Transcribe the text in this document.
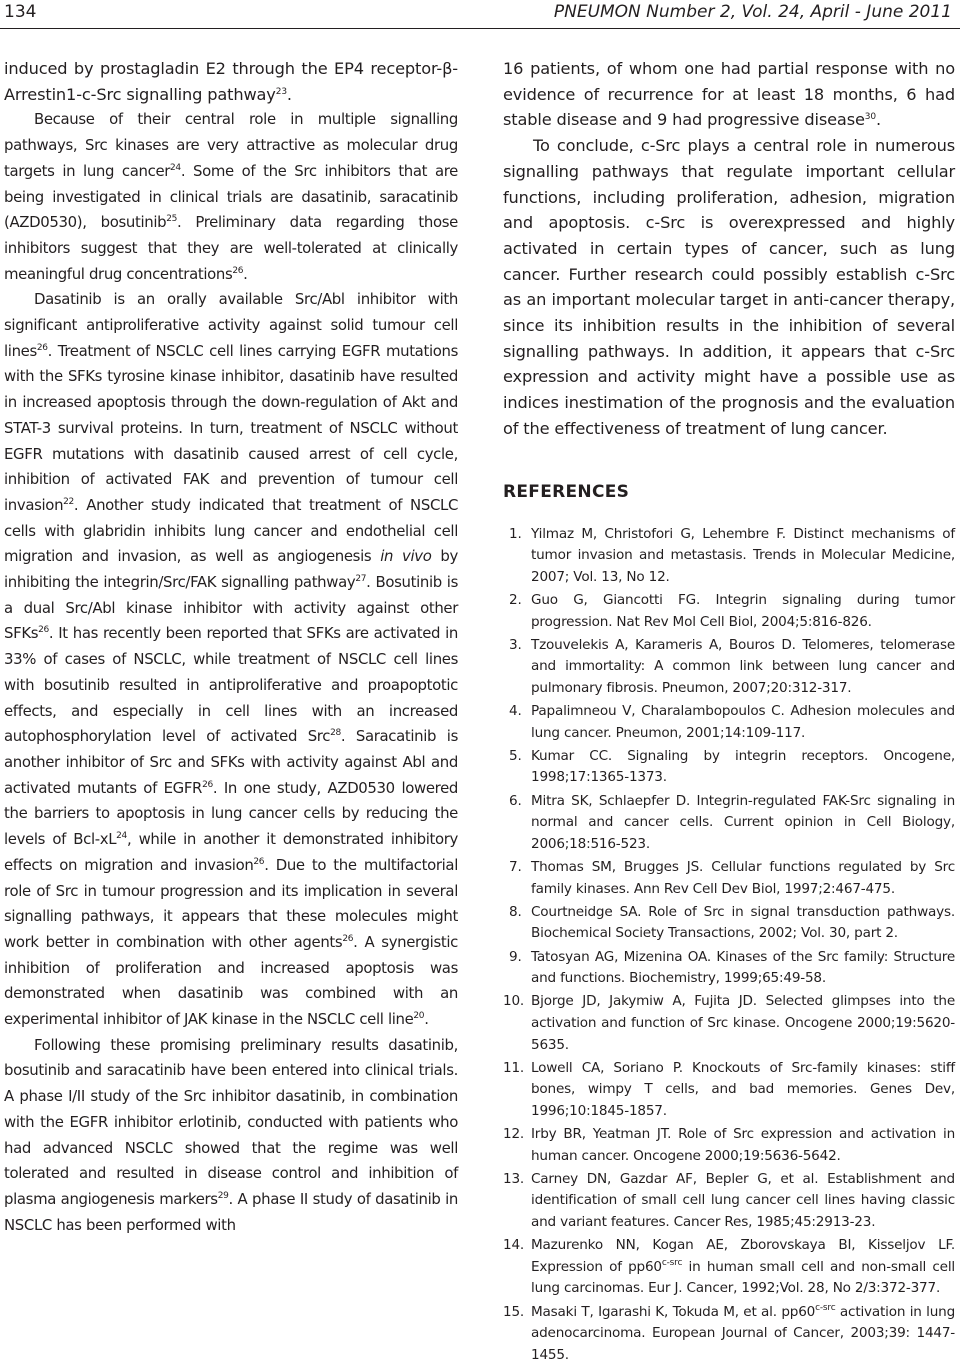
134	PNEUMON Number 2, Vol. 24, April - June 2011

induced by prostagladin E2 through the EP4 receptor-β-Arrestin1-c-Src signalling pathway$^{23}$.

Because of their central role in multiple signalling pathways, Src kinases are very attractive as molecular drug targets in lung cancer$^{24}$. Some of the Src inhibitors that are being investigated in clinical trials are dasatinib, saracatinib (AZD0530), bosutinib$^{25}$. Preliminary data regarding those inhibitors suggest that they are well-tolerated at clinically meaningful drug concentrations$^{26}$.

Dasatinib is an orally available Src/Abl inhibitor with significant antiproliferative activity against solid tumour cell lines$^{26}$. Treatment of NSCLC cell lines carrying EGFR mutations with the SFKs tyrosine kinase inhibitor, dasatinib have resulted in increased apoptosis through the down-regulation of Akt and STAT-3 survival proteins. In turn, treatment of NSCLC without EGFR mutations with dasatinib caused arrest of cell cycle, inhibition of activated FAK and prevention of tumour cell invasion$^{22}$. Another study indicated that treatment of NSCLC cells with glabridin inhibits lung cancer and endothelial cell migration and invasion, as well as angiogenesis in vivo by inhibiting the integrin/Src/FAK signalling pathway$^{27}$. Bosutinib is a dual Src/Abl kinase inhibitor with activity against other SFKs$^{26}$. It has recently been reported that SFKs are activated in 33% of cases of NSCLC, while treatment of NSCLC cell lines with bosutinib resulted in antiproliferative and proapoptotic effects, and especially in cell lines with an increased autophosphorylation level of activated Src$^{28}$. Saracatinib is another inhibitor of Src and SFKs with activity against Abl and activated mutants of EGFR$^{26}$. In one study, AZD0530 lowered the barriers to apoptosis in lung cancer cells by reducing the levels of Bcl-$xL^{24}$, while in another it demonstrated inhibitory effects on migration and invasion$^{26}$. Due to the multifactorial role of Src in tumour progression and its implication in several signalling pathways, it appears that these molecules might work better in combination with other agents$^{26}$. A synergistic inhibition of proliferation and increased apoptosis was demonstrated when dasatinib was combined with an experimental inhibitor of JAK kinase in the NSCLC cell line$^{20}$.

Following these promising preliminary results dasatinib, bosutinib and saracatinib have been entered into clinical trials. A phase I/II study of the Src inhibitor dasatinib, in combination with the EGFR inhibitor erlotinib, conducted with patients who had advanced NSCLC showed that the regime was well tolerated and resulted in disease control and inhibition of plasma angiogenesis markers$^{29}$. A phase II study of dasatinib in NSCLC has been performed with

16 patients, of whom one had partial response with no evidence of recurrence for at least 18 months, 6 had stable disease and 9 had progressive disease$^{30}$.

To conclude, c-Src plays a central role in numerous signalling pathways that regulate important cellular functions, including proliferation, adhesion, migration and apoptosis. c-Src is overexpressed and highly activated in certain types of cancer, such as lung cancer. Further research could possibly establish c-Src as an important molecular target in anti-cancer therapy, since its inhibition results in the inhibition of several signalling pathways. In addition, it appears that c-Src expression and activity might have a possible use as indices inestimation of the prognosis and the evaluation of the effectiveness of treatment of lung cancer.

REFERENCES
1. Yilmaz M, Christofori G, Lehembre F. Distinct mechanisms of tumor invasion and metastasis. Trends in Molecular Medicine, 2007; Vol. 13, No 12.
2. Guo G, Giancotti FG. Integrin signaling during tumor progression. Nat Rev Mol Cell Biol, 2004;5:816-826.
3. Tzouvelekis A, Karameris A, Bouros D. Telomeres, telomerase and immortality: A common link between lung cancer and pulmonary fibrosis. Pneumon, 2007;20:312-317.
4. Papalimneou V, Charalambopoulos C. Adhesion molecules and lung cancer. Pneumon, 2001;14:109-117.
5. Kumar CC. Signaling by integrin receptors. Oncogene, 1998;17:1365-1373.
6. Mitra SK, Schlaepfer D. Integrin-regulated FAK-Src signaling in normal and cancer cells. Current opinion in Cell Biology, 2006;18:516-523.
7. Thomas SM, Brugges JS. Cellular functions regulated by Src family kinases. Ann Rev Cell Dev Biol, 1997;2:467-475.
8. Courtneidge SA. Role of Src in signal transduction pathways. Biochemical Society Transactions, 2002; Vol. 30, part 2.
9. Tatosyan AG, Mizenina OA. Kinases of the Src family: Structure and functions. Biochemistry, 1999;65:49-58.
10. Bjorge JD, Jakymiw A, Fujita JD. Selected glimpses into the activation and function of Src kinase. Oncogene 2000;19:5620-5635.
11. Lowell CA, Soriano P. Knockouts of Src-family kinases: stiff bones, wimpy T cells, and bad memories. Genes Dev, 1996;10:1845-1857.
12. Irby BR, Yeatman JT. Role of Src expression and activation in human cancer. Oncogene 2000;19:5636-5642.
13. Carney DN, Gazdar AF, Bepler G, et al. Establishment and identification of small cell lung cancer cell lines having classic and variant features. Cancer Res, 1985;45:2913-23.
14. Mazurenko NN, Kogan AE, Zborovskaya BI, Kisseljov LF. Expression of $pp60^{c-src}$ in human small cell and non-small cell lung carcinomas. Eur J. Cancer, 1992;Vol. 28, No 2/3:372-377.
15. Masaki T, Igarashi K, Tokuda M, et al. $pp60^{c-src}$ activation in lung adenocarcinoma. European Journal of Cancer, 2003;39: 1447-1455.
